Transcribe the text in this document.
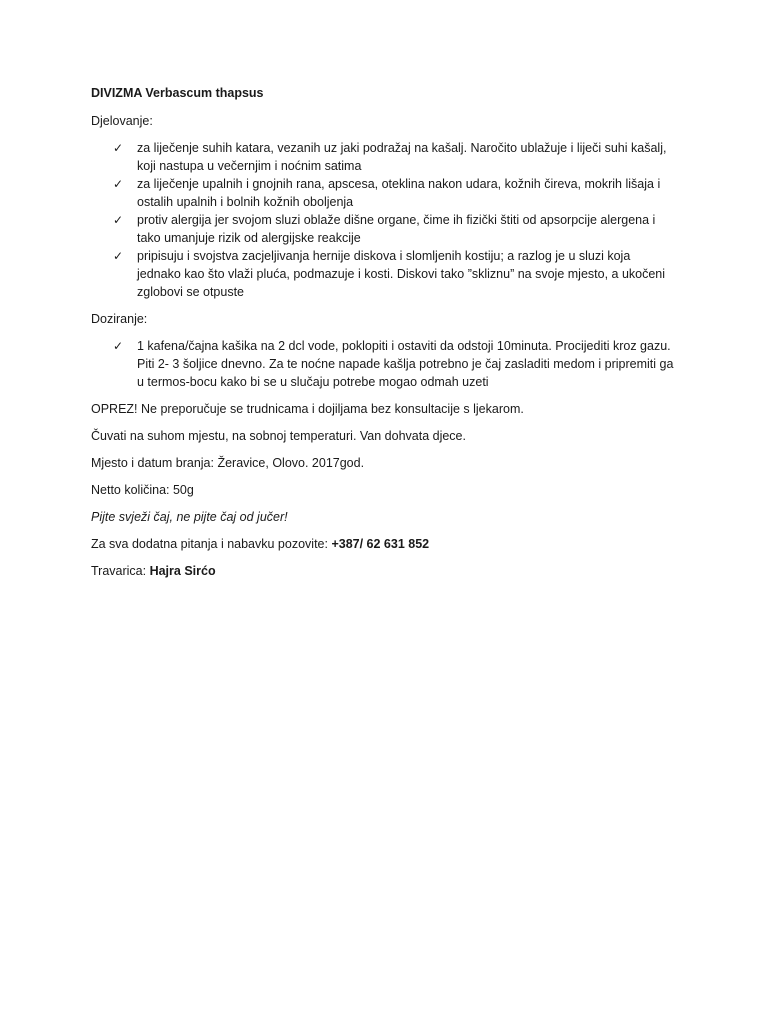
DIVIZMA Verbascum thapsus

Djelovanje:

✓ za liječenje suhih katara, vezanih uz jaki podražaj na kašalj. Naročito ublažuje i liječi suhi kašalj, koji nastupa u večernjim i noćnim satima
✓ za liječenje upalnih i gnojnih rana, apscesa, oteklina nakon udara, kožnih čireva, mokrih lišaja i ostalih upalnih i bolnih kožnih oboljenja
✓ protiv alergija jer svojom sluzi oblaže dišne organe, čime ih fizički štiti od apsorpcije alergena i tako umanjuje rizik od alergijske reakcije
✓ pripisuju i svojstva zacjeljivanja hernije diskova i slomljenih kostiju; a razlog je u sluzi koja jednako kao što vlaži pluća, podmazuje i kosti. Diskovi tako ”skliznu” na svoje mjesto, a ukočeni zglobovi se otpuste

Doziranje:

✓ 1 kafena/čajna kašika na 2 dcl vode, poklopiti i ostaviti da odstoji 10minuta. Procijediti kroz gazu. Piti 2- 3 šoljice dnevno. Za te noćne napade kašlja potrebno je čaj zasladiti medom i pripremiti ga u termos-bocu kako bi se u slučaju potrebe mogao odmah uzeti

OPREZ! Ne preporučuje se trudnicama i dojiljama bez konsultacije s ljekarom.

Čuvati na suhom mjestu, na sobnoj temperaturi. Van dohvata djece.

Mjesto i datum branja: Žeravice, Olovo. 2017god.

Netto količina: 50g

Pijte svježi čaj, ne pijte čaj od jučer!

Za sva dodatna pitanja i nabavku pozovite: +387/ 62 631 852

Travarica: Hajra Sirćo
